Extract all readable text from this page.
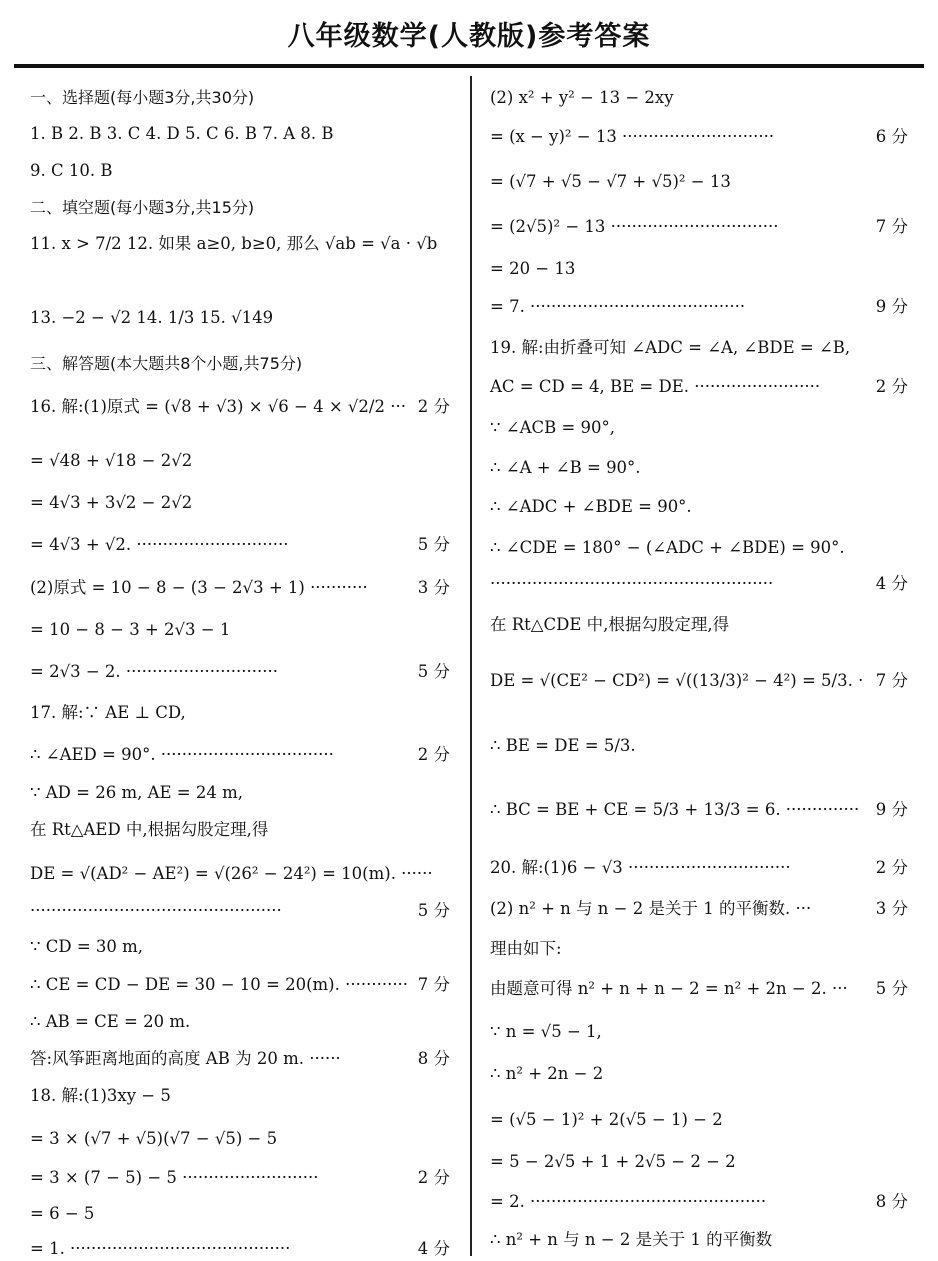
八年级数学(人教版)参考答案
一、选择题(每小题3分,共30分)
1. B 2. B 3. C 4. D 5. C 6. B 7. A 8. B
9. C 10. B
二、填空题(每小题3分,共15分)
11. x > 7/2 12. 如果 a≥0, b≥0, 那么 √ab = √a · √b
13. −2 − √2 14. 1/3 15. √149
三、解答题(本大题共8个小题,共75分)
16. 解:(1)原式 = (√8 + √3) × √6 − 4 × √2/2 ··· 2 分
= √48 + √18 − 2√2
= 4√3 + 3√2 − 2√2
= 4√3 + √2. ·····························	5 分
(2)原式 = 10 − 8 − (3 − 2√3 + 1) ···········	3 分
= 10 − 8 − 3 + 2√3 − 1
= 2√3 − 2. ·····························	5 分
17. 解:∵ AE ⊥ CD,
∴ ∠AED = 90°. ·································	2 分
∵ AD = 26 m, AE = 24 m,
在 Rt△AED 中,根据勾股定理,得
DE = √(AD² − AE²) = √(26² − 24²) = 10(m). ······
················································	5 分
∵ CD = 30 m,
∴ CE = CD − DE = 30 − 10 = 20(m). ············ 7 分
∴ AB = CE = 20 m.
答:风筝距离地面的高度 AB 为 20 m. ······	8 分
18. 解:(1)3xy − 5
= 3 × (√7 + √5)(√7 − √5) − 5
= 3 × (7 − 5) − 5 ··························	2 分
= 6 − 5
= 1. ··········································	4 分
(2) x² + y² − 13 − 2xy
= (x − y)² − 13 ·····························	6 分
= (√7 + √5 − √7 + √5)² − 13
= (2√5)² − 13 ································	7 分
= 20 − 13
= 7. ·········································	9 分
19. 解:由折叠可知 ∠ADC = ∠A, ∠BDE = ∠B,
AC = CD = 4, BE = DE. ························	2 分
∵ ∠ACB = 90°,
∴ ∠A + ∠B = 90°.
∴ ∠ADC + ∠BDE = 90°.
∴ ∠CDE = 180° − (∠ADC + ∠BDE) = 90°.
······················································	4 分
在 Rt△CDE 中,根据勾股定理,得
DE = √(CE² − CD²) = √((13/3)² − 4²) = 5/3. · 7 分
∴ BE = DE = 5/3.
∴ BC = BE + CE = 5/3 + 13/3 = 6. ·············· 9 分
20. 解:(1)6 − √3 ·······························	2 分
(2) n² + n 与 n − 2 是关于 1 的平衡数. ···	3 分
理由如下:
由题意可得 n² + n + n − 2 = n² + 2n − 2. ··· 5 分
∵ n = √5 − 1,
∴ n² + 2n − 2
= (√5 − 1)² + 2(√5 − 1) − 2
= 5 − 2√5 + 1 + 2√5 − 2 − 2
= 2. ·············································	8 分
∴ n² + n 与 n − 2 是关于 1 的平衡数
